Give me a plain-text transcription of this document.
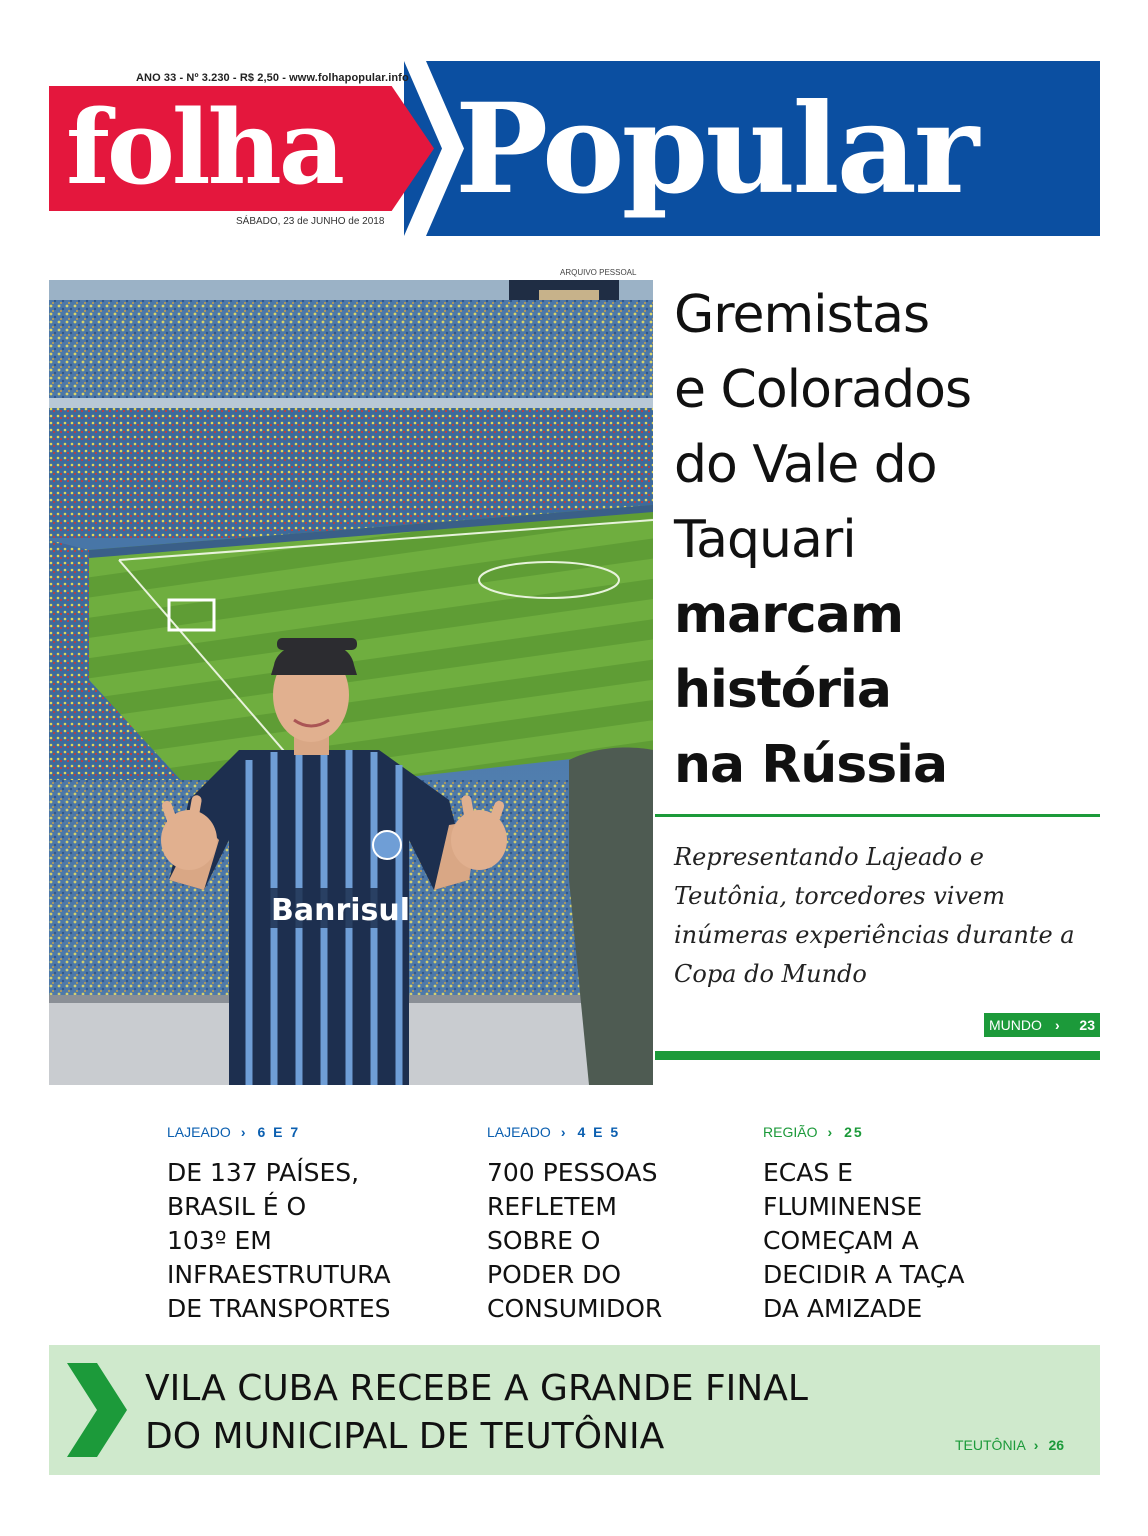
ANO 33 - Nº 3.230 - R$ 2,50 - www.folhapopular.info
folha Popular
SÁBADO, 23 de JUNHO de 2018
ARQUIVO PESSOAL
Banrisul
Gremistas
e Colorados
do Vale do
Taquari
marcam
história
na Rússia
Representando Lajeado e Teutônia, torcedores vivem inúmeras experiências durante a Copa do Mundo
MUNDO › 23
LAJEADO › 6 E 7
DE 137 PAÍSES,
BRASIL É O
103º EM
INFRAESTRUTURA
DE TRANSPORTES
LAJEADO › 4 E 5
700 PESSOAS
REFLETEM
SOBRE O
PODER DO
CONSUMIDOR
REGIÃO › 25
ECAS E
FLUMINENSE
COMEÇAM A
DECIDIR A TAÇA
DA AMIZADE
VILA CUBA RECEBE A GRANDE FINAL
DO MUNICIPAL DE TEUTÔNIA	TEUTÔNIA › 26
